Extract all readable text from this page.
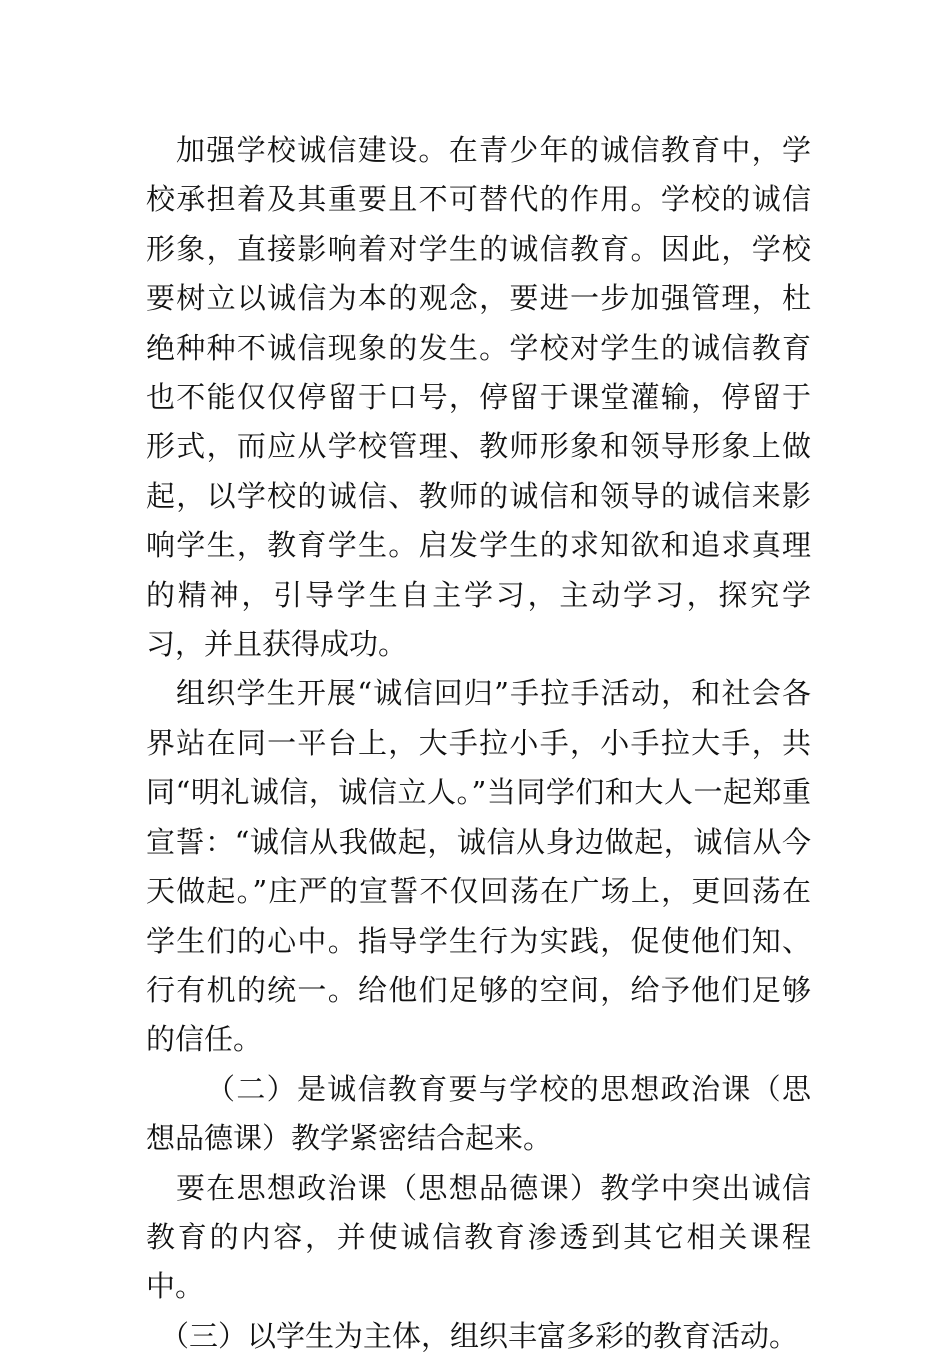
加强学校诚信建设。在青少年的诚信教育中，学校承担着及其重要且不可替代的作用。学校的诚信形象，直接影响着对学生的诚信教育。因此，学校要树立以诚信为本的观念，要进一步加强管理，杜绝种种不诚信现象的发生。学校对学生的诚信教育也不能仅仅停留于口号，停留于课堂灌输，停留于形式，而应从学校管理、教师形象和领导形象上做起，以学校的诚信、教师的诚信和领导的诚信来影响学生，教育学生。启发学生的求知欲和追求真理的精神，引导学生自主学习，主动学习，探究学习，并且获得成功。

组织学生开展“诚信回归”手拉手活动，和社会各界站在同一平台上，大手拉小手，小手拉大手，共同“明礼诚信，诚信立人。”当同学们和大人一起郑重宣誓：“诚信从我做起，诚信从身边做起，诚信从今天做起。”庄严的宣誓不仅回荡在广场上，更回荡在学生们的心中。指导学生行为实践，促使他们知、行有机的统一。给他们足够的空间，给予他们足够的信任。

（二）是诚信教育要与学校的思想政治课（思想品德课）教学紧密结合起来。

要在思想政治课（思想品德课）教学中突出诚信教育的内容，并使诚信教育渗透到其它相关课程中。

（三）以学生为主体，组织丰富多彩的教育活动。
